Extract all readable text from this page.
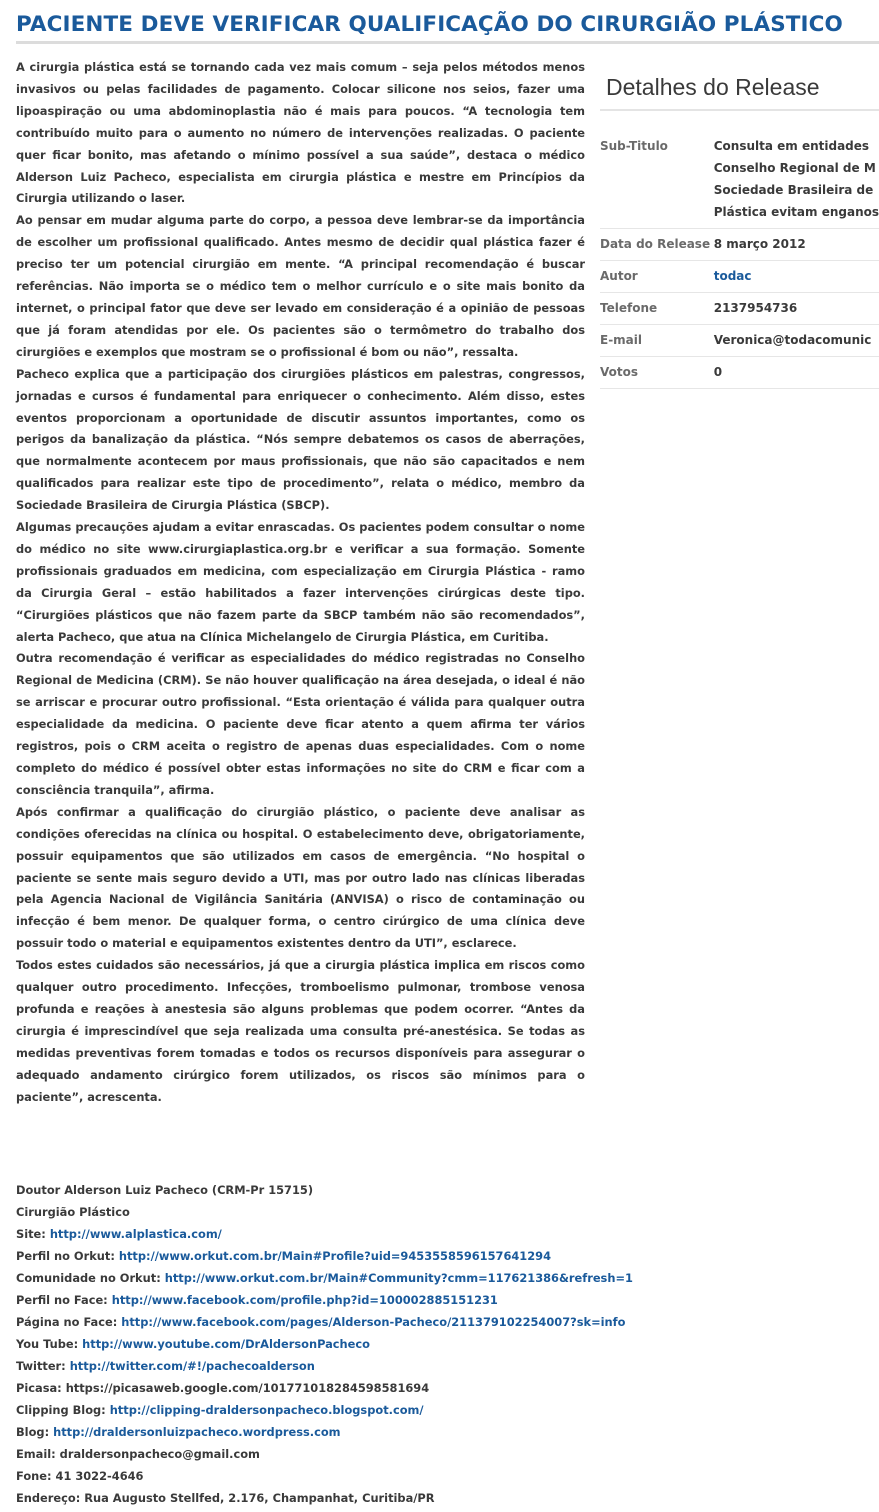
PACIENTE DEVE VERIFICAR QUALIFICAÇÃO DO CIRURGIÃO PLÁSTICO

A cirurgia plástica está se tornando cada vez mais comum – seja pelos métodos menos invasivos ou pelas facilidades de pagamento. Colocar silicone nos seios, fazer uma lipoaspiração ou uma abdominoplastia não é mais para poucos. “A tecnologia tem contribuído muito para o aumento no número de intervenções realizadas. O paciente quer ficar bonito, mas afetando o mínimo possível a sua saúde”, destaca o médico Alderson Luiz Pacheco, especialista em cirurgia plástica e mestre em Princípios da Cirurgia utilizando o laser.

Ao pensar em mudar alguma parte do corpo, a pessoa deve lembrar-se da importância de escolher um profissional qualificado. Antes mesmo de decidir qual plástica fazer é preciso ter um potencial cirurgião em mente. “A principal recomendação é buscar referências. Não importa se o médico tem o melhor currículo e o site mais bonito da internet, o principal fator que deve ser levado em consideração é a opinião de pessoas que já foram atendidas por ele. Os pacientes são o termômetro do trabalho dos cirurgiões e exemplos que mostram se o profissional é bom ou não”, ressalta.

Pacheco explica que a participação dos cirurgiões plásticos em palestras, congressos, jornadas e cursos é fundamental para enriquecer o conhecimento. Além disso, estes eventos proporcionam a oportunidade de discutir assuntos importantes, como os perigos da banalização da plástica. “Nós sempre debatemos os casos de aberrações, que normalmente acontecem por maus profissionais, que não são capacitados e nem qualificados para realizar este tipo de procedimento”, relata o médico, membro da Sociedade Brasileira de Cirurgia Plástica (SBCP).

Algumas precauções ajudam a evitar enrascadas. Os pacientes podem consultar o nome do médico no site www.cirurgiaplastica.org.br e verificar a sua formação. Somente profissionais graduados em medicina, com especialização em Cirurgia Plástica - ramo da Cirurgia Geral – estão habilitados a fazer intervenções cirúrgicas deste tipo. “Cirurgiões plásticos que não fazem parte da SBCP também não são recomendados”, alerta Pacheco, que atua na Clínica Michelangelo de Cirurgia Plástica, em Curitiba.

Outra recomendação é verificar as especialidades do médico registradas no Conselho Regional de Medicina (CRM). Se não houver qualificação na área desejada, o ideal é não se arriscar e procurar outro profissional. “Esta orientação é válida para qualquer outra especialidade da medicina. O paciente deve ficar atento a quem afirma ter vários registros, pois o CRM aceita o registro de apenas duas especialidades. Com o nome completo do médico é possível obter estas informações no site do CRM e ficar com a consciência tranquila”, afirma.

Após confirmar a qualificação do cirurgião plástico, o paciente deve analisar as condições oferecidas na clínica ou hospital. O estabelecimento deve, obrigatoriamente, possuir equipamentos que são utilizados em casos de emergência. “No hospital o paciente se sente mais seguro devido a UTI, mas por outro lado nas clínicas liberadas pela Agencia Nacional de Vigilância Sanitária (ANVISA) o risco de contaminação ou infecção é bem menor. De qualquer forma, o centro cirúrgico de uma clínica deve possuir todo o material e equipamentos existentes dentro da UTI”, esclarece.

Todos estes cuidados são necessários, já que a cirurgia plástica implica em riscos como qualquer outro procedimento. Infecções, tromboelismo pulmonar, trombose venosa profunda e reações à anestesia são alguns problemas que podem ocorrer. “Antes da cirurgia é imprescindível que seja realizada uma consulta pré-anestésica. Se todas as medidas preventivas forem tomadas e todos os recursos disponíveis para assegurar o adequado andamento cirúrgico forem utilizados, os riscos são mínimos para o paciente”, acrescenta.

Doutor Alderson Luiz Pacheco (CRM-Pr 15715)
Cirurgião Plástico
Site: http://www.alplastica.com/
Perfil no Orkut: http://www.orkut.com.br/Main#Profile?uid=9453558596157641294
Comunidade no Orkut: http://www.orkut.com.br/Main#Community?cmm=117621386&refresh=1
Perfil no Face: http://www.facebook.com/profile.php?id=100002885151231
Página no Face: http://www.facebook.com/pages/Alderson-Pacheco/211379102254007?sk=info
You Tube: http://www.youtube.com/DrAldersonPacheco
Twitter: http://twitter.com/#!/pachecoalderson
Picasa: https://picasaweb.google.com/101771018284598581694
Clipping Blog: http://clipping-draldersonpacheco.blogspot.com/
Blog: http://draldersonluizpacheco.wordpress.com
Email: draldersonpacheco@gmail.com
Fone: 41 3022-4646
Endereço: Rua Augusto Stellfed, 2.176, Champanhat, Curitiba/PR
Detalhes do Release
Sub-Titulo	Consulta em entidades
Conselho Regional de M
Sociedade Brasileira de
Plástica evitam enganos

Data do Release	8 março 2012

Autor	todac

Telefone	2137954736

E-mail	Veronica@todacomunic

Votos	0
